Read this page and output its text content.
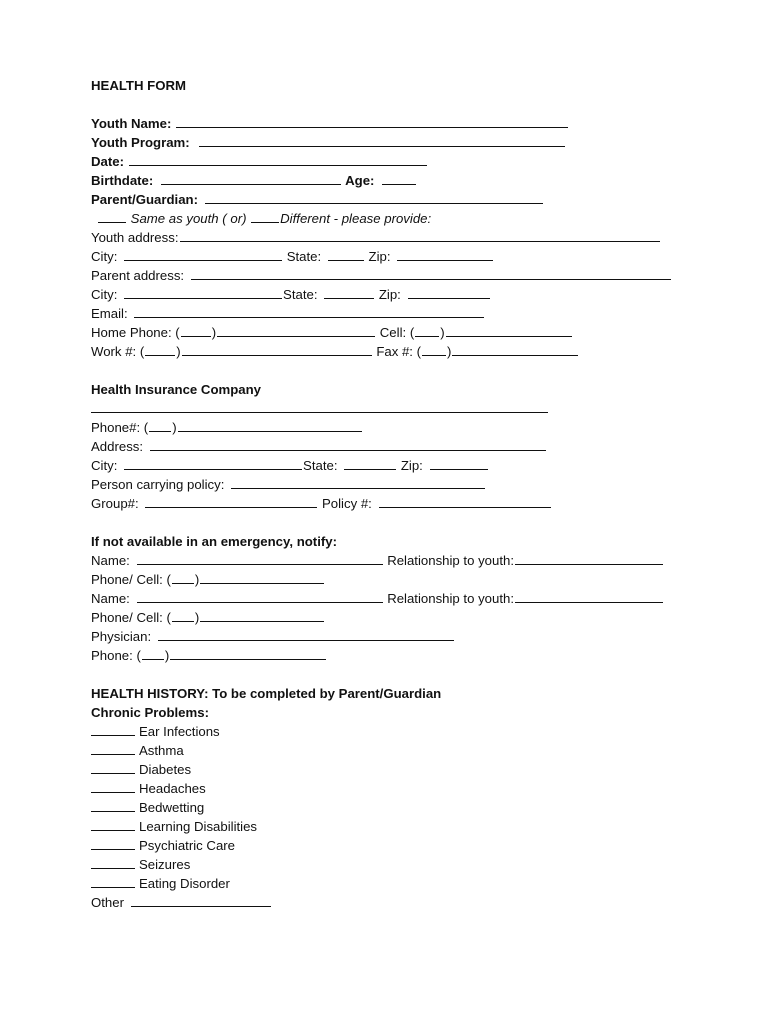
HEALTH FORM
Youth Name:
Youth Program:
Date:
Birthdate:	Age:
Parent/Guardian:
Same as youth ( or)	Different - please provide:
Youth address:
City:	State:	Zip:
Parent address:
City:	State:	Zip:
Email:
Home Phone: ( )	Cell: ( )
Work #: ( )	Fax #: ( )
Health Insurance Company
Phone#: ( )
Address:
City:	State:	Zip:
Person carrying policy:
Group#:	Policy #:
If not available in an emergency, notify:
Name:	Relationship to youth:
Phone/ Cell: ( )
Name:	Relationship to youth:
Phone/ Cell: ( )
Physician:
Phone: ( )
HEALTH HISTORY: To be completed by Parent/Guardian
Chronic Problems:
Ear Infections
Asthma
Diabetes
Headaches
Bedwetting
Learning Disabilities
Psychiatric Care
Seizures
Eating Disorder
Other
